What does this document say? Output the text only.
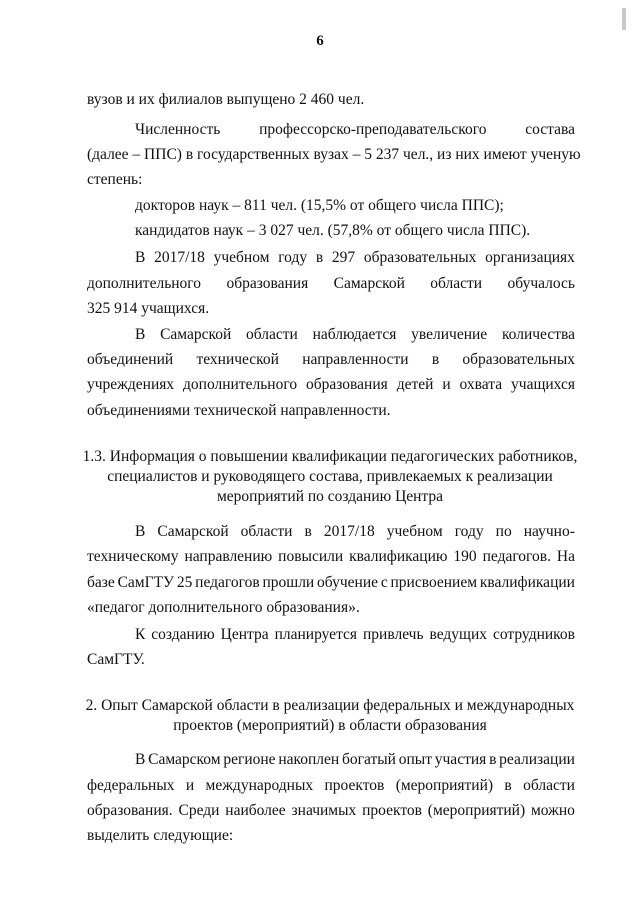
6
вузов и их филиалов выпущено 2 460 чел.
Численность	профессорско-преподавательского	состава
(далее – ППС) в государственных вузах – 5 237 чел., из них имеют ученую
степень:
докторов наук – 811 чел. (15,5% от общего числа ППС);
кандидатов наук – 3 027 чел. (57,8% от общего числа ППС).
В 2017/18 учебном году в 297 образовательных организациях
дополнительного образования Самарской области обучалось
325 914 учащихся.
В Самарской области наблюдается увеличение количества
объединений технической направленности в образовательных
учреждениях дополнительного образования детей и охвата учащихся
объединениями технической направленности.
1.3. Информация о повышении квалификации педагогических работников,
специалистов и руководящего состава, привлекаемых к реализации
мероприятий по созданию Центра
В Самарской области в 2017/18 учебном году по научно-
техническому направлению повысили квалификацию 190 педагогов. На
базе СамГТУ 25 педагогов прошли обучение с присвоением квалификации
«педагог дополнительного образования».
К созданию Центра планируется привлечь ведущих сотрудников
СамГТУ.
2. Опыт Самарской области в реализации федеральных и международных
проектов (мероприятий) в области образования
В Самарском регионе накоплен богатый опыт участия в реализации
федеральных и международных проектов (мероприятий) в области
образования. Среди наиболее значимых проектов (мероприятий) можно
выделить следующие:
